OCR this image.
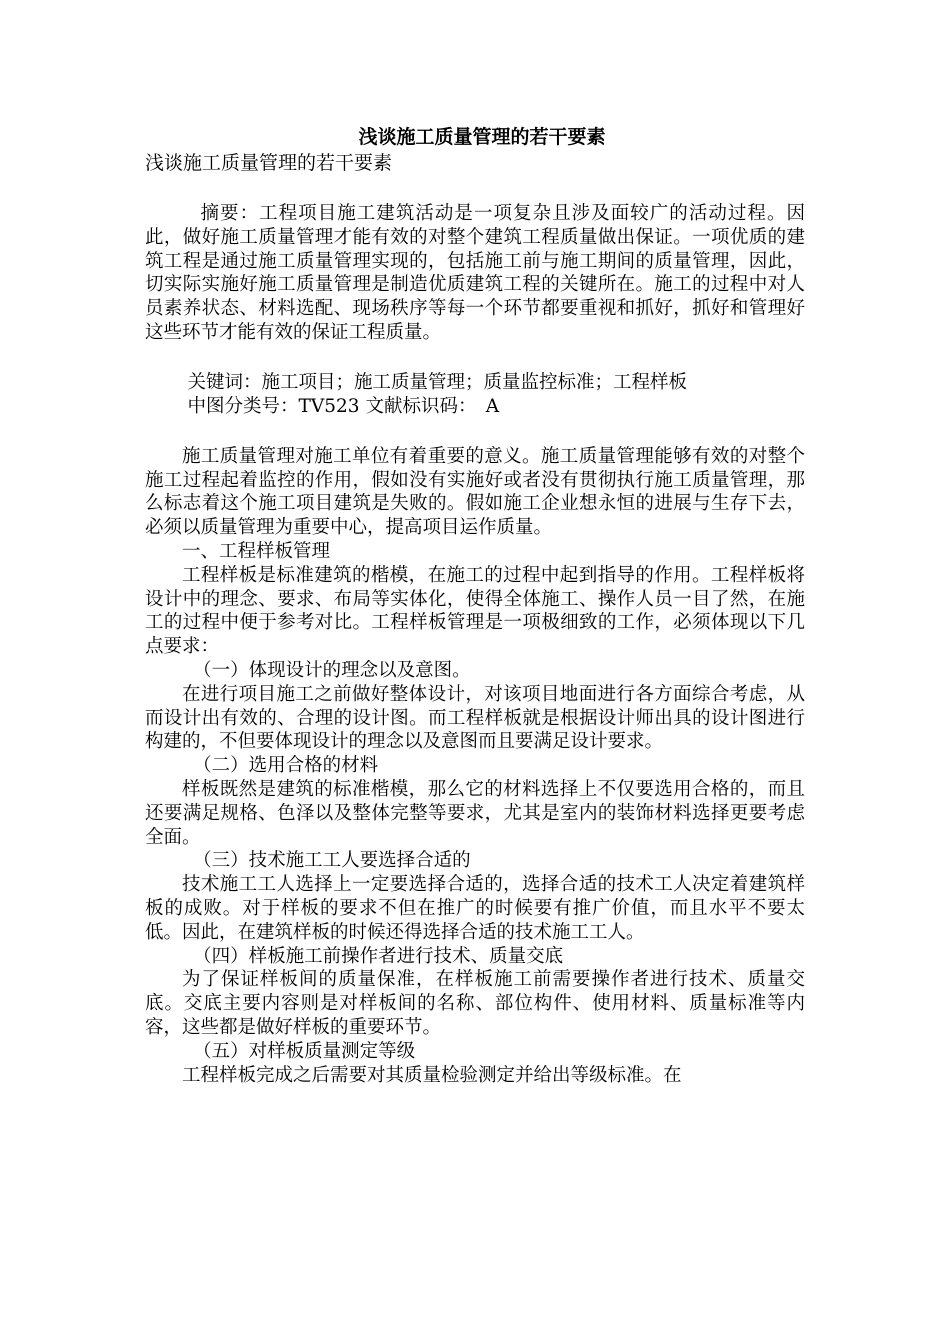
浅谈施工质量管理的若干要素

浅谈施工质量管理的若干要素

摘要：工程项目施工建筑活动是一项复杂且涉及面较广的活动过程。因此，做好施工质量管理才能有效的对整个建筑工程质量做出保证。一项优质的建筑工程是通过施工质量管理实现的，包括施工前与施工期间的质量管理，因此，切实际实施好施工质量管理是制造优质建筑工程的关键所在。施工的过程中对人员素养状态、材料选配、现场秩序等每一个环节都要重视和抓好，抓好和管理好这些环节才能有效的保证工程质量。

关键词：施工项目；施工质量管理；质量监控标准；工程样板

中图分类号：TV523 文献标识码：　A

施工质量管理对施工单位有着重要的意义。施工质量管理能够有效的对整个施工过程起着监控的作用，假如没有实施好或者没有贯彻执行施工质量管理，那么标志着这个施工项目建筑是失败的。假如施工企业想永恒的进展与生存下去，必须以质量管理为重要中心，提高项目运作质量。

一、工程样板管理

工程样板是标准建筑的楷模，在施工的过程中起到指导的作用。工程样板将设计中的理念、要求、布局等实体化，使得全体施工、操作人员一目了然，在施工的过程中便于参考对比。工程样板管理是一项极细致的工作，必须体现以下几点要求：

（一）体现设计的理念以及意图。

在进行项目施工之前做好整体设计，对该项目地面进行各方面综合考虑，从而设计出有效的、合理的设计图。而工程样板就是根据设计师出具的设计图进行构建的，不但要体现设计的理念以及意图而且要满足设计要求。

（二）选用合格的材料

样板既然是建筑的标准楷模，那么它的材料选择上不仅要选用合格的，而且还要满足规格、色泽以及整体完整等要求，尤其是室内的装饰材料选择更要考虑全面。

（三）技术施工工人要选择合适的

技术施工工人选择上一定要选择合适的，选择合适的技术工人决定着建筑样板的成败。对于样板的要求不但在推广的时候要有推广价值，而且水平不要太低。因此，在建筑样板的时候还得选择合适的技术施工工人。

（四）样板施工前操作者进行技术、质量交底

为了保证样板间的质量保准，在样板施工前需要操作者进行技术、质量交底。交底主要内容则是对样板间的名称、部位构件、使用材料、质量标准等内容，这些都是做好样板的重要环节。

（五）对样板质量测定等级

工程样板完成之后需要对其质量检验测定并给出等级标准。在
